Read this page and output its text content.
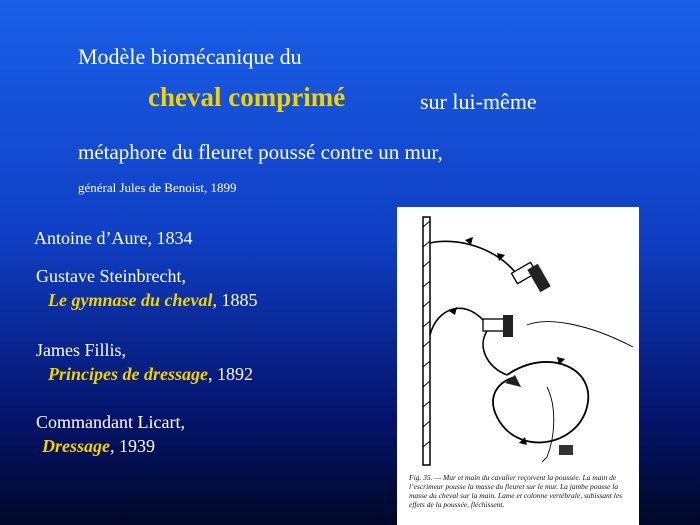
Modèle biomécanique du
cheval comprimé	sur lui-même
métaphore du fleuret poussé contre un mur,
général Jules de Benoist, 1899
Antoine d’Aure, 1834
Gustave Steinbrecht,
Le gymnase du cheval, 1885
James Fillis,
Principes de dressage, 1892
Commandant Licart,
Dressage, 1939
Fig. 35. — Mur et main du cavalier reçoivent la poussée. La main de l’escrimeur pousse la masse du fleuret sur le mur. La jambe pousse la masse du cheval sur la main. Lame et colonne vertébrale, subissant les effets de la poussée, fléchissent.
